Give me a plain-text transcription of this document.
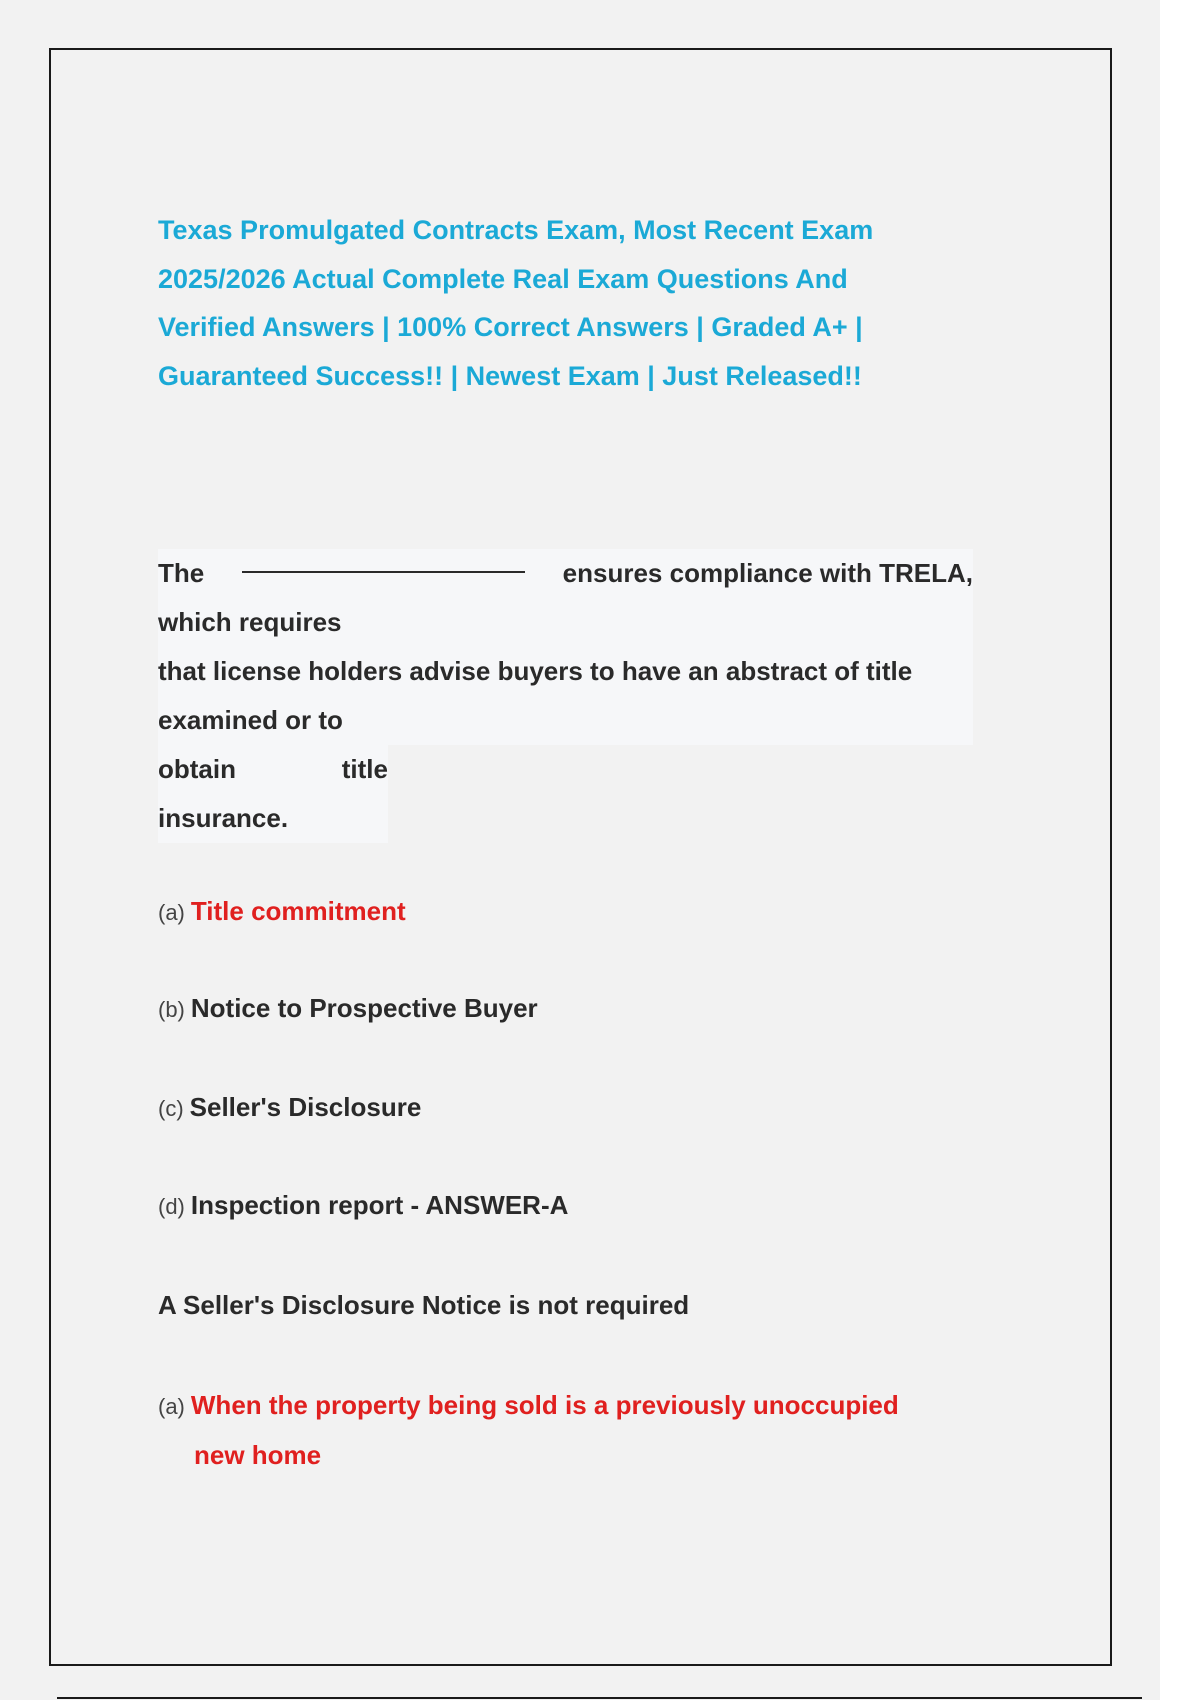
Texas Promulgated Contracts Exam, Most Recent Exam
2025/2026 Actual Complete Real Exam Questions And
Verified Answers | 100% Correct Answers | Graded A+ |
Guaranteed Success!! | Newest Exam | Just Released!!
The	ensures compliance with TRELA,
which requires
that license holders advise buyers to have an abstract of title
examined or to
obtain	title
insurance.
(a) Title commitment
(b) Notice to Prospective Buyer
(c) Seller's Disclosure
(d) Inspection report - ANSWER-A
A Seller's Disclosure Notice is not required
(a) When the property being sold is a previously unoccupied
new home
